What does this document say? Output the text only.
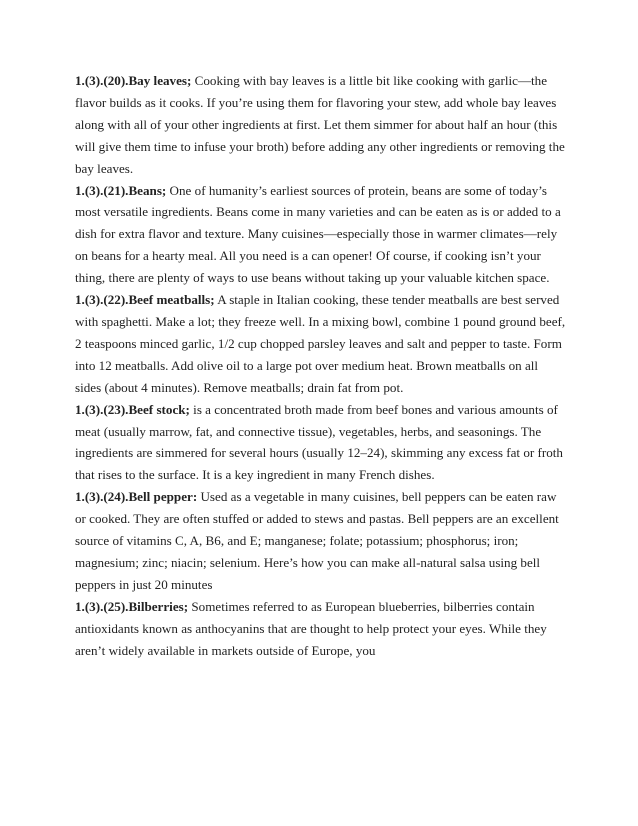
1.(3).(20).Bay leaves; Cooking with bay leaves is a little bit like cooking with garlic—the flavor builds as it cooks. If you’re using them for flavoring your stew, add whole bay leaves along with all of your other ingredients at first. Let them simmer for about half an hour (this will give them time to infuse your broth) before adding any other ingredients or removing the bay leaves.

1.(3).(21).Beans; One of humanity’s earliest sources of protein, beans are some of today’s most versatile ingredients. Beans come in many varieties and can be eaten as is or added to a dish for extra flavor and texture. Many cuisines—especially those in warmer climates—rely on beans for a hearty meal. All you need is a can opener! Of course, if cooking isn’t your thing, there are plenty of ways to use beans without taking up your valuable kitchen space.

1.(3).(22).Beef meatballs; A staple in Italian cooking, these tender meatballs are best served with spaghetti. Make a lot; they freeze well. In a mixing bowl, combine 1 pound ground beef, 2 teaspoons minced garlic, 1/2 cup chopped parsley leaves and salt and pepper to taste. Form into 12 meatballs. Add olive oil to a large pot over medium heat. Brown meatballs on all sides (about 4 minutes). Remove meatballs; drain fat from pot.

1.(3).(23).Beef stock; is a concentrated broth made from beef bones and various amounts of meat (usually marrow, fat, and connective tissue), vegetables, herbs, and seasonings. The ingredients are simmered for several hours (usually 12–24), skimming any excess fat or froth that rises to the surface. It is a key ingredient in many French dishes.

1.(3).(24).Bell pepper: Used as a vegetable in many cuisines, bell peppers can be eaten raw or cooked. They are often stuffed or added to stews and pastas. Bell peppers are an excellent source of vitamins C, A, B6, and E; manganese; folate; potassium; phosphorus; iron; magnesium; zinc; niacin; selenium. Here’s how you can make all-natural salsa using bell peppers in just 20 minutes

1.(3).(25).Bilberries; Sometimes referred to as European blueberries, bilberries contain antioxidants known as anthocyanins that are thought to help protect your eyes. While they aren’t widely available in markets outside of Europe, you
